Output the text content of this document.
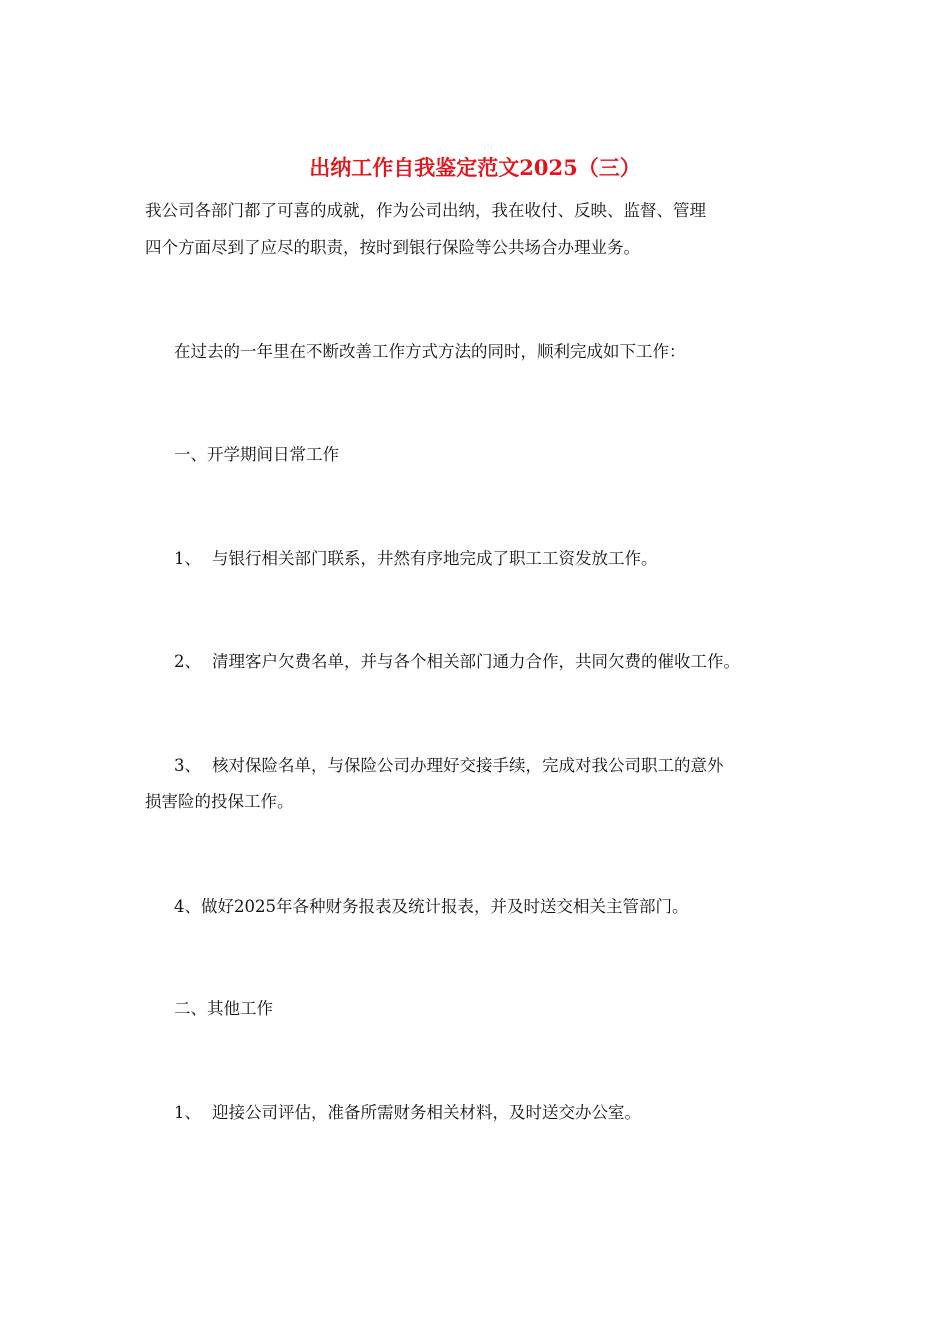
出纳工作自我鉴定范文2025（三）
我公司各部门都了可喜的成就，作为公司出纳，我在收付、反映、监督、管理
四个方面尽到了应尽的职责，按时到银行保险等公共场合办理业务。
在过去的一年里在不断改善工作方式方法的同时，顺利完成如下工作：
一、开学期间日常工作
1、 与银行相关部门联系，井然有序地完成了职工工资发放工作。
2、 清理客户欠费名单，并与各个相关部门通力合作，共同欠费的催收工作。
3、 核对保险名单，与保险公司办理好交接手续，完成对我公司职工的意外
损害险的投保工作。
4、做好2025年各种财务报表及统计报表，并及时送交相关主管部门。
二、其他工作
1、 迎接公司评估，准备所需财务相关材料，及时送交办公室。
